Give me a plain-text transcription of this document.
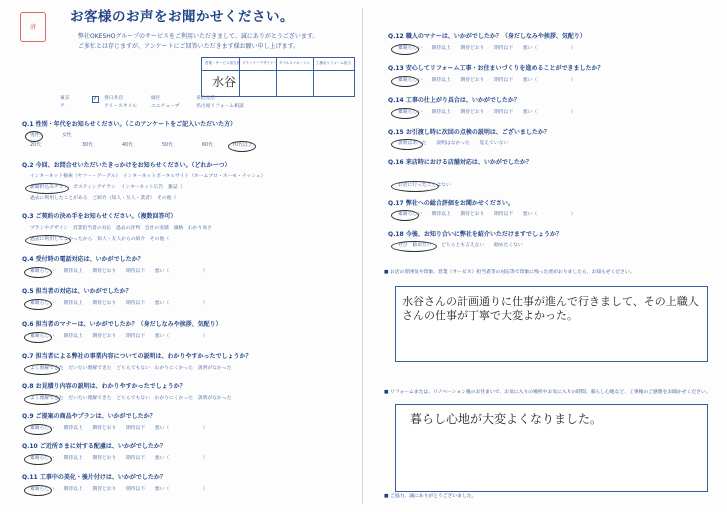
済
お客様のお声をお聞かせください。
弊社OKESHOグループのサービスをご利用いただきまして、誠にありがとうございます。
ご多忙とは存じますが、アンケートにご回答いただきます様お願い申し上げます。
営業・サービス担当者 プランナーデザイナー ダブルスマネージャ 工務店リフォーム担当
水谷
東京	春日井店	緑区	多治見店
ア	アイ・スタイル	ユニチューブ	名古屋リフォーム相談
✓
Q.1 性別・年代をお知らせください。（このアンケートをご記入いただいた方）
男性	女性
20代	30代	40代	50代	60代	70代以上
Q.2 今回、お問合せいただいたきっかけをお知らせください。（どれか一つ）
インターネット検索（ヤフー・グーグル）　インターネットポータルサイト（ホームプロ・スーモ・ナッシュ）
新聞折込みチラシ　ポスティングチラシ　インターネット広告　雑誌（
過去に利用したことがある　ご紹介（知人・友人・業者）　その他（
Q.3 ご契約の決め手をお知らせください。（複数回答可）
プランやデザイン　営業担当者の対応　過去の評判　会社の実績　価格　わかり易さ
過去に利用してよかったから　知人・友人からの紹介　その他（
Q.4 受付時の電話対応は、いかがでしたか？
素晴らしい　　期待以上　　期待どおり　　期待以下　　悪い（　　　　　　　）
Q.5 担当者の対応は、いかがでしたか？
素晴らしい　　期待以上　　期待どおり　　期待以下　　悪い（　　　　　　　）
Q.6 担当者のマナーは、いかがでしたか？（身だしなみや挨拶、気配り）
素晴らしい　　期待以上　　期待どおり　　期待以下　　悪い（　　　　　　　）
Q.7 担当者による弊社の事業内容についての説明は、わかりやすかったでしょうか？
よく理解できた　だいたい理解できた　どちらでもない　わかりにくかった　説明がなかった
Q.8 お見積り内容の説明は、わかりやすかったでしょうか？
よく理解できた　だいたい理解できた　どちらでもない　わかりにくかった　説明がなかった
Q.9 ご提案の商品やプランは、いかがでしたか？
素晴らしい　　期待以上　　期待どおり　　期待以下　　悪い（　　　　　　　）
Q.10 ご近所さまに対する配慮は、いかがでしたか？
素晴らしい　　期待以上　　期待どおり　　期待以下　　悪い（　　　　　　　）
Q.11 工事中の美化・後片付けは、いかがでしたか？
素晴らしい　　期待以上　　期待どおり　　期待以下　　悪い（　　　　　　　）
Q.12 職人のマナーは、いかがでしたか？（身だしなみや挨拶、気配り）
素晴らしい　　期待以上　　期待どおり　　期待以下　　悪い（　　　　　　　）
Q.13 安心してリフォーム工事・お住まいづくりを進めることができましたか？
素晴らしい　　期待以上　　期待どおり　　期待以下　　悪い（　　　　　　　）
Q.14 工事の仕上がり具合は、いかがでしたか？
素晴らしい　　期待以上　　期待どおり　　期待以下　　悪い（　　　　　　　）
Q.15 お引渡し時に次回の点検の説明は、ございましたか？
説明はあった　　説明はなかった　　覚えていない
Q.16 来店時における店舗対応は、いかがでしたか？
お店に行ったことはない
Q.17 弊社への総合評価をお聞かせください。
素晴らしい　　期待以上　　期待どおり　　期待以下　　悪い（　　　　　　　）
Q.18 今後、お知り合いに弊社を紹介いただけますでしょうか？
ぜひ　勧めたい　　どちらとも言えない　　勧めたくない
■ お店の雰囲気や印象、営業（サービス）担当者等の対応等で印象に残った者がおりましたら、お知らせください。
水谷さんの計画通りに仕事が進んで行きまして、その上職人さんの仕事が丁寧で大変よかった。
■ リフォームまたは、リノベーション後のお住まいで、お気に入りの場所やお気に入りの時間、暮らし心地など、工事後のご感想をお聞かせください。
暮らし心地が大変よくなりました。
■ ご協力、誠にありがとうございました。
